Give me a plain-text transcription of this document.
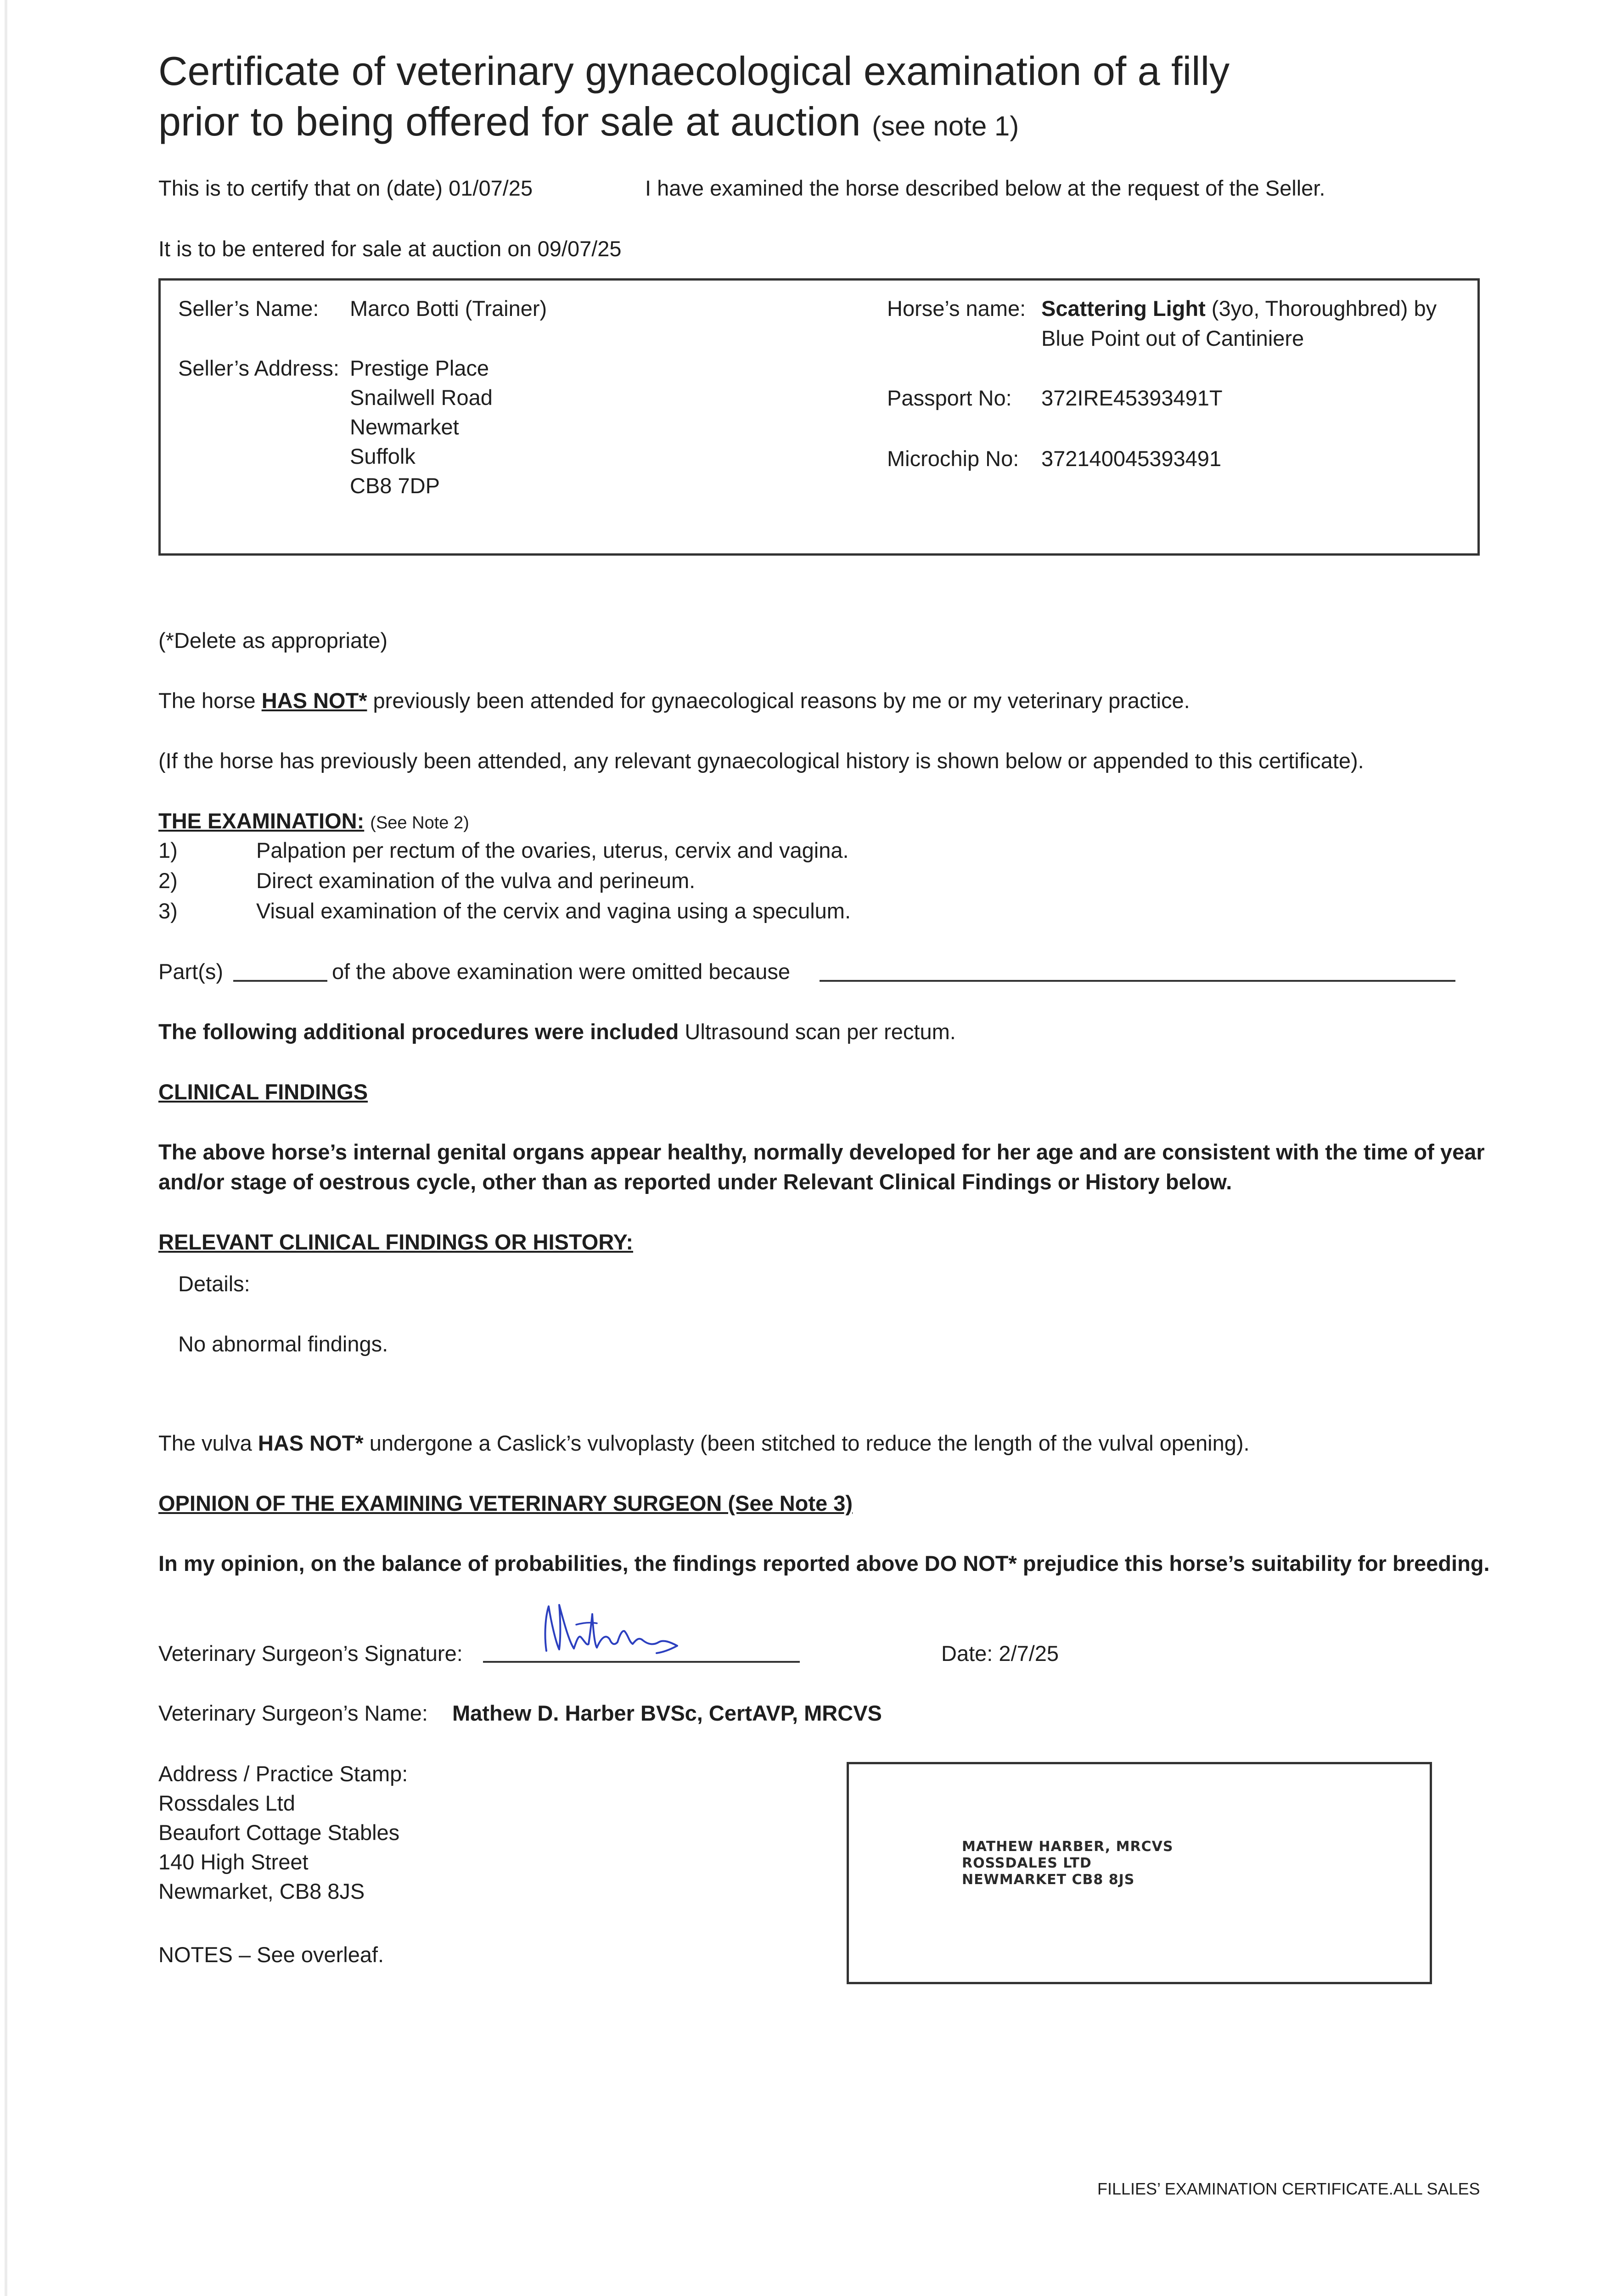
Certificate of veterinary gynaecological examination of a filly
prior to being offered for sale at auction (see note 1)
This is to certify that on (date) 01/07/25	I have examined the horse described below at the request of the Seller.
It is to be entered for sale at auction on 09/07/25
Seller’s Name: Marco Botti (Trainer)
Seller’s Address: Prestige Place
Snailwell Road
Newmarket
Suffolk
CB8 7DP
Horse’s name: Scattering Light (3yo, Thoroughbred) by
Blue Point out of Cantiniere
Passport No: 372IRE45393491T
Microchip No: 372140045393491
(*Delete as appropriate)
The horse HAS NOT* previously been attended for gynaecological reasons by me or my veterinary practice.
(If the horse has previously been attended, any relevant gynaecological history is shown below or appended to this certificate).
THE EXAMINATION: (See Note 2)
1)	Palpation per rectum of the ovaries, uterus, cervix and vagina.
2)	Direct examination of the vulva and perineum.
3)	Visual examination of the cervix and vagina using a speculum.
Part(s)	of the above examination were omitted because
The following additional procedures were included Ultrasound scan per rectum.
CLINICAL FINDINGS
The above horse’s internal genital organs appear healthy, normally developed for her age and are consistent with the time of year
and/or stage of oestrous cycle, other than as reported under Relevant Clinical Findings or History below.
RELEVANT CLINICAL FINDINGS OR HISTORY:
Details:
No abnormal findings.
The vulva HAS NOT* undergone a Caslick’s vulvoplasty (been stitched to reduce the length of the vulval opening).
OPINION OF THE EXAMINING VETERINARY SURGEON (See Note 3)
In my opinion, on the balance of probabilities, the findings reported above DO NOT* prejudice this horse’s suitability for breeding.
Veterinary Surgeon’s Signature:	Date: 2/7/25
Veterinary Surgeon’s Name: Mathew D. Harber BVSc, CertAVP, MRCVS
Address / Practice Stamp:
Rossdales Ltd
Beaufort Cottage Stables
140 High Street
Newmarket, CB8 8JS
NOTES – See overleaf.
MATHEW HARBER, MRCVS
ROSSDALES LTD
NEWMARKET CB8 8JS
FILLIES’ EXAMINATION CERTIFICATE.ALL SALES
